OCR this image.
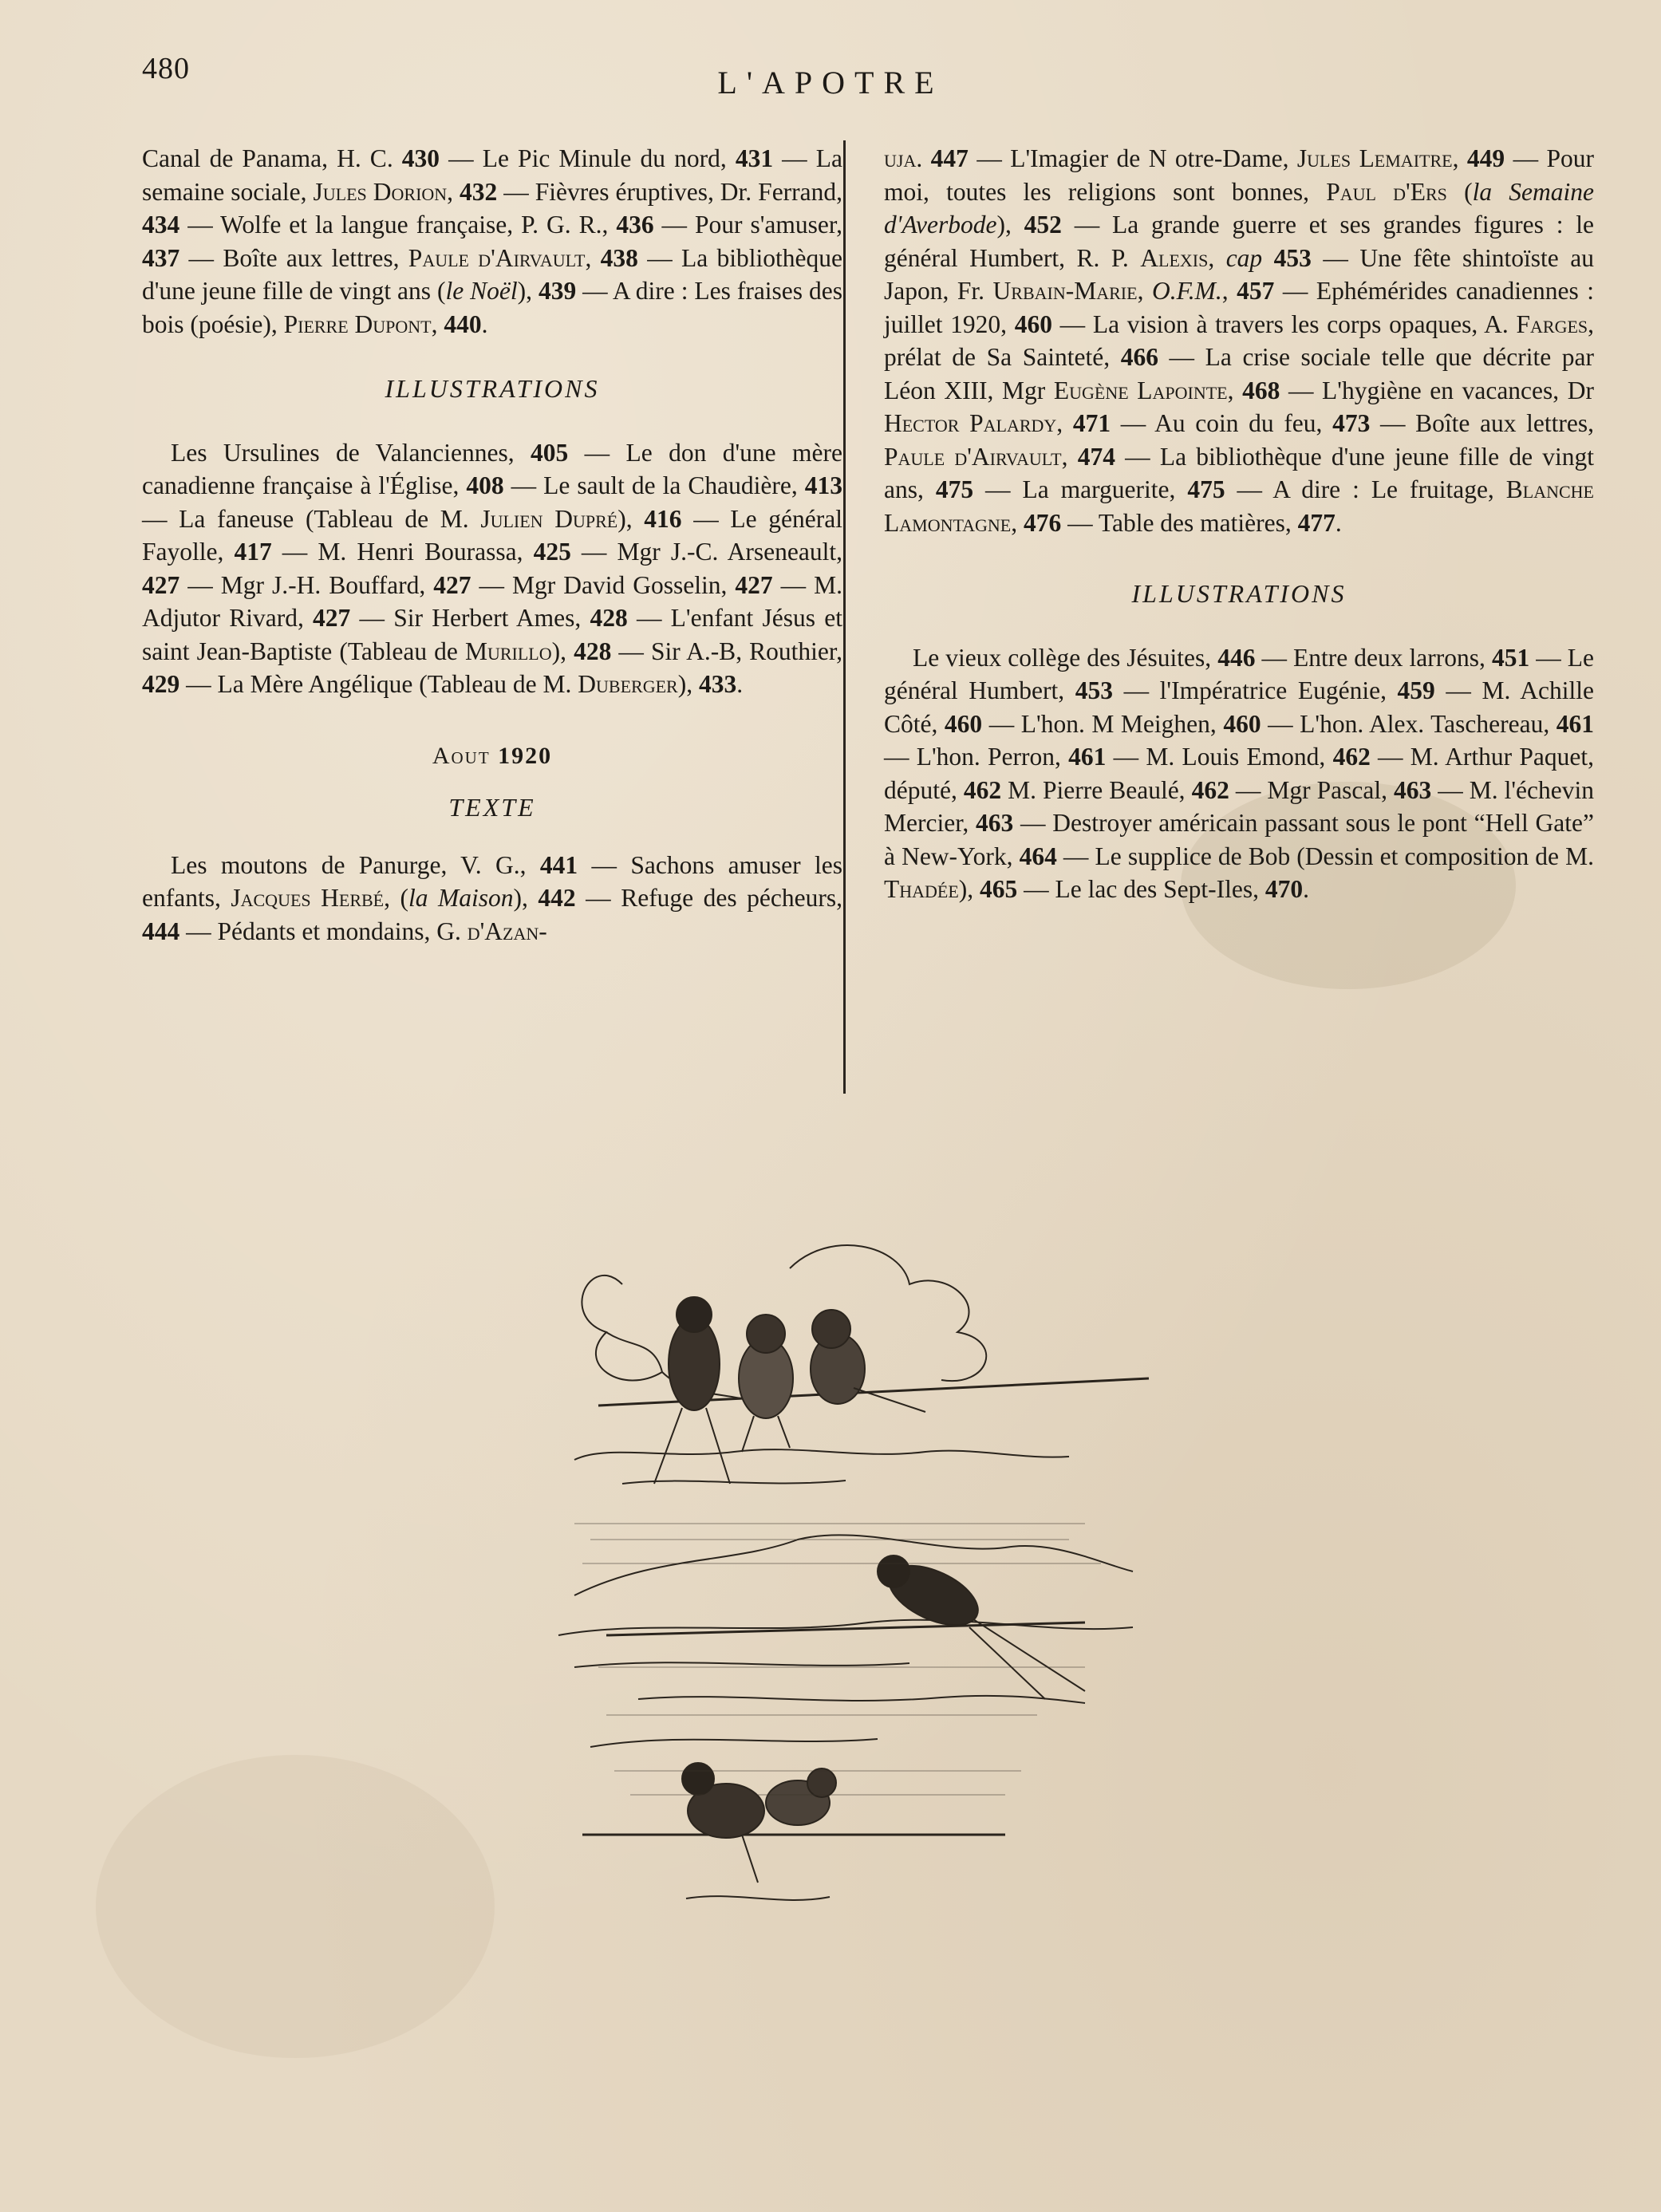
480	L'APOTRE

Canal de Panama, H. C. 430 — Le Pic Minule du nord, 431 — La semaine sociale, Jules Dorion, 432 — Fièvres éruptives, Dr. Ferrand, 434 — Wolfe et la langue française, P. G. R., 436 — Pour s'amuser, 437 — Boîte aux lettres, Paule d'Airvault, 438 — La bibliothèque d'une jeune fille de vingt ans (le Noël), 439 — A dire : Les fraises des bois (poésie), Pierre Dupont, 440.

ILLUSTRATIONS

Les Ursulines de Valanciennes, 405 — Le don d'une mère canadienne française à l'Église, 408 — Le sault de la Chaudière, 413 — La faneuse (Tableau de M. Julien Dupré), 416 — Le général Fayolle, 417 — M. Henri Bourassa, 425 — Mgr J.-C. Arseneault, 427 — Mgr J.-H. Bouffard, 427 — Mgr David Gosselin, 427 — M. Adjutor Rivard, 427 — Sir Herbert Ames, 428 — L'enfant Jésus et saint Jean-Baptiste (Tableau de Murillo), 428 — Sir A.-B, Routhier, 429 — La Mère Angélique (Tableau de M. Duberger), 433.

Aout 1920
TEXTE

Les moutons de Panurge, V. G., 441 — Sachons amuser les enfants, Jacques Herbé, (la Maison), 442 — Refuge des pécheurs, 444 — Pédants et mondains, G. d'Azan-

uja. 447 — L'Imagier de N otre-Dame, Jules Lemaitre, 449 — Pour moi, toutes les religions sont bonnes, Paul d'Ers (la Semaine d'Averbode), 452 — La grande guerre et ses grandes figures : le général Humbert, R. P. Alexis, cap 453 — Une fête shintoïste au Japon, Fr. Urbain-Marie, O.F.M., 457 — Ephémérides canadiennes : juillet 1920, 460 — La vision à travers les corps opaques, A. Farges, prélat de Sa Sainteté, 466 — La crise sociale telle que décrite par Léon XIII, Mgr Eugène Lapointe, 468 — L'hygiène en vacances, Dr Hector Palardy, 471 — Au coin du feu, 473 — Boîte aux lettres, Paule d'Airvault, 474 — La bibliothèque d'une jeune fille de vingt ans, 475 — La marguerite, 475 — A dire : Le fruitage, Blanche Lamontagne, 476 — Table des matières, 477.

ILLUSTRATIONS

Le vieux collège des Jésuites, 446 — Entre deux larrons, 451 — Le général Humbert, 453 — l'Impératrice Eugénie, 459 — M. Achille Côté, 460 — L'hon. M Meighen, 460 — L'hon. Alex. Taschereau, 461 — L'hon. Perron, 461 — M. Louis Emond, 462 — M. Arthur Paquet, député, 462 M. Pierre Beaulé, 462 — Mgr Pascal, 463 — M. l'échevin Mercier, 463 — Destroyer américain passant sous le pont “Hell Gate” à New-York, 464 — Le supplice de Bob (Dessin et composition de M. Thadée), 465 — Le lac des Sept-Iles, 470.
